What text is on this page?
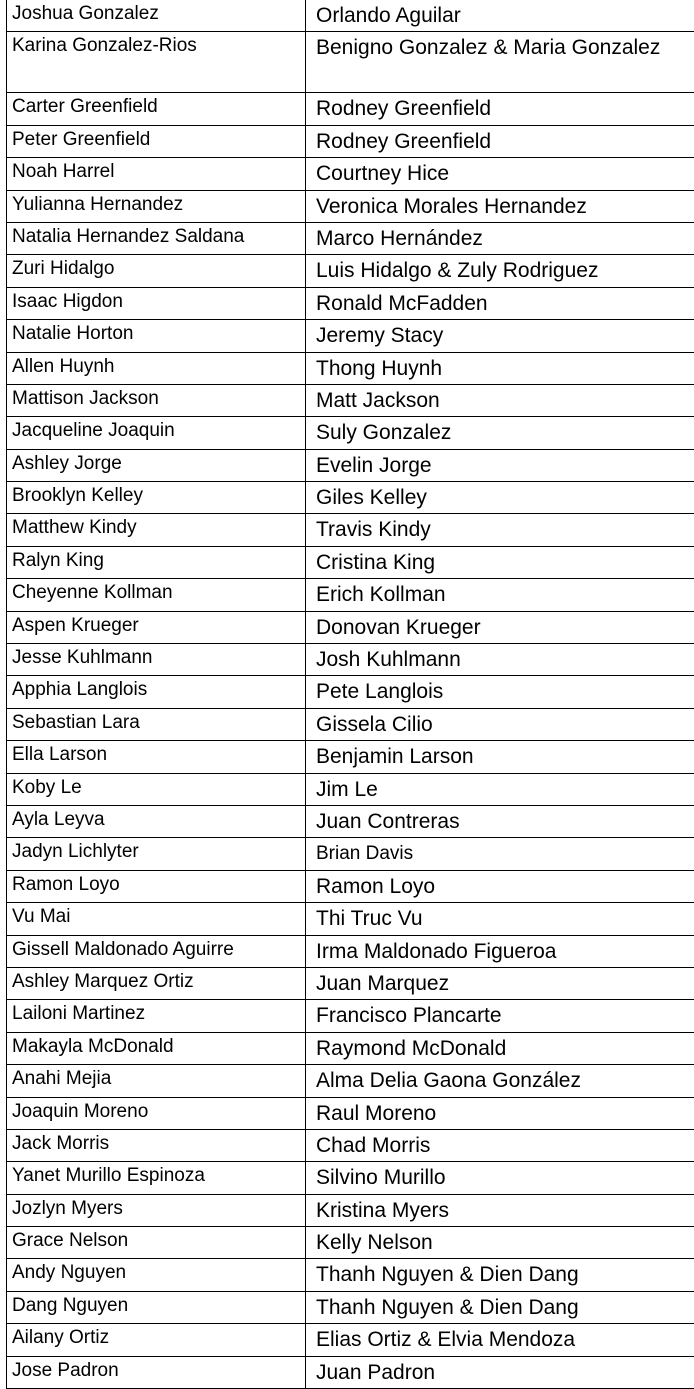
Joshua Gonzalez	Orlando Aguilar
Karina Gonzalez-Rios	Benigno Gonzalez & Maria Gonzalez
Carter Greenfield	Rodney Greenfield
Peter Greenfield	Rodney Greenfield
Noah Harrel	Courtney Hice
Yulianna Hernandez	Veronica Morales Hernandez
Natalia Hernandez Saldana	Marco Hernández
Zuri Hidalgo	Luis Hidalgo & Zuly Rodriguez
Isaac Higdon	Ronald McFadden
Natalie Horton	Jeremy Stacy
Allen Huynh	Thong Huynh
Mattison Jackson	Matt Jackson
Jacqueline Joaquin	Suly Gonzalez
Ashley Jorge	Evelin Jorge
Brooklyn Kelley	Giles Kelley
Matthew Kindy	Travis Kindy
Ralyn King	Cristina King
Cheyenne Kollman	Erich Kollman
Aspen Krueger	Donovan Krueger
Jesse Kuhlmann	Josh Kuhlmann
Apphia Langlois	Pete Langlois
Sebastian Lara	Gissela Cilio
Ella Larson	Benjamin Larson
Koby Le	Jim Le
Ayla Leyva	Juan Contreras
Jadyn Lichlyter	Brian Davis
Ramon Loyo	Ramon Loyo
Vu Mai	Thi Truc Vu
Gissell Maldonado Aguirre	Irma Maldonado Figueroa
Ashley Marquez Ortiz	Juan Marquez
Lailoni Martinez	Francisco Plancarte
Makayla McDonald	Raymond McDonald
Anahi Mejia	Alma Delia Gaona González
Joaquin Moreno	Raul Moreno
Jack Morris	Chad Morris
Yanet Murillo Espinoza	Silvino Murillo
Jozlyn Myers	Kristina Myers
Grace Nelson	Kelly Nelson
Andy Nguyen	Thanh Nguyen & Dien Dang
Dang Nguyen	Thanh Nguyen & Dien Dang
Ailany Ortiz	Elias Ortiz & Elvia Mendoza
Jose Padron	Juan Padron
